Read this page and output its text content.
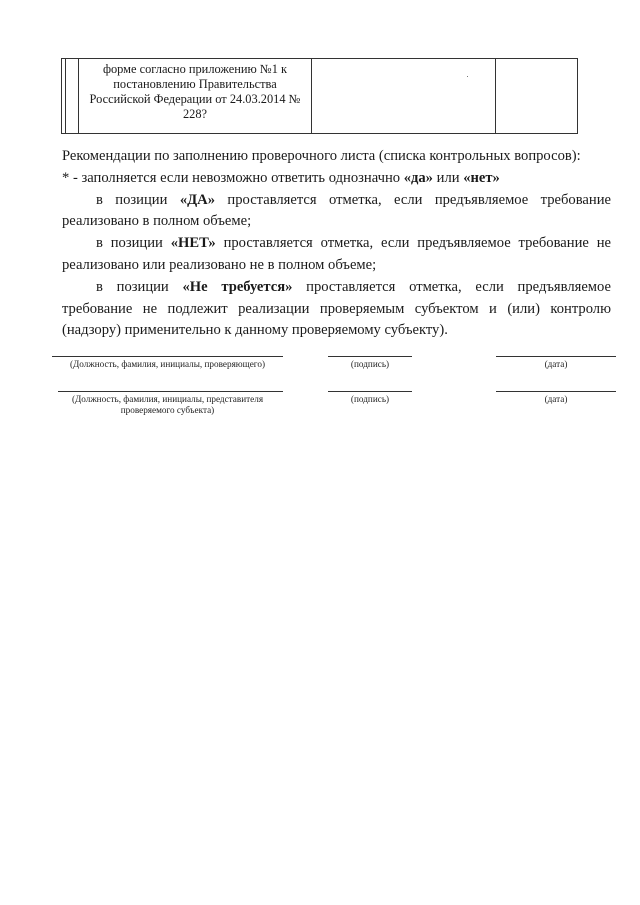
форме согласно приложению №1 к
постановлению Правительства
Российской Федерации от 24.03.2014 №
228?

Рекомендации по заполнению проверочного листа (списка контрольных вопросов):

* - заполняется если невозможно ответить однозначно «да» или «нет»

в позиции «ДА» проставляется отметка, если предъявляемое требование

реализовано в полном объеме;

в позиции «НЕТ» проставляется отметка, если предъявляемое требование не

реализовано или реализовано не в полном объеме;

в позиции «Не требуется» проставляется отметка, если предъявляемое

требование не подлежит реализации проверяемым субъектом и (или) контролю

(надзору) применительно к данному проверяемому субъекту).

(Должность, фамилия, инициалы, проверяющего)	(подпись)	(дата)
(Должность, фамилия, инициалы, представителя
проверяемого субъекта)
(подпись)	(дата)
